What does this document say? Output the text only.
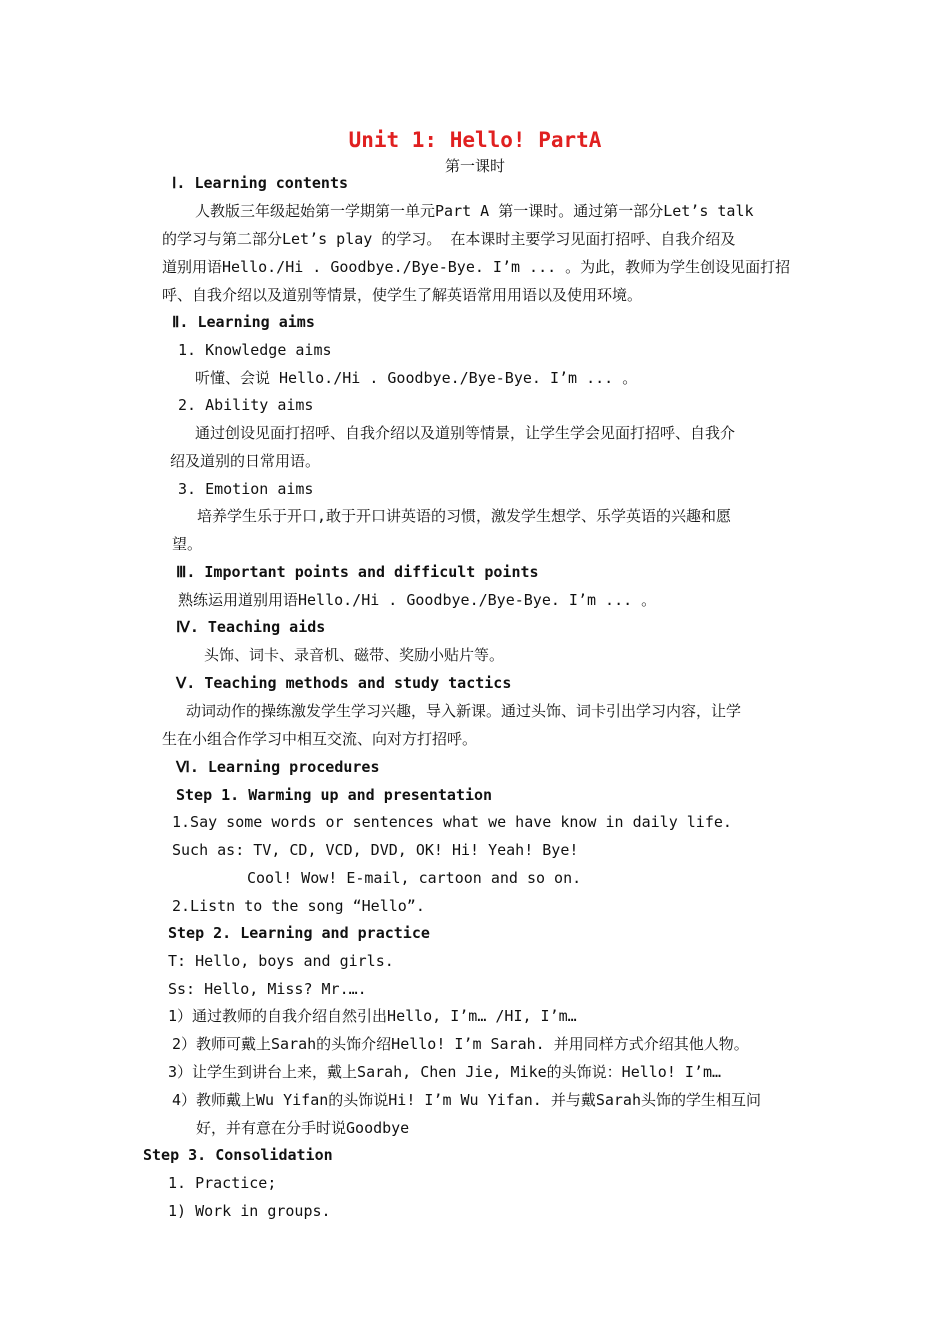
Unit 1: Hello! PartA
第一课时
Ⅰ. Learning contents
人教版三年级起始第一学期第一单元Part A 第一课时。通过第一部分Let’s talk
的学习与第二部分Let’s play 的学习。 在本课时主要学习见面打招呼、自我介绍及
道别用语Hello./Hi . Goodbye./Bye-Bye. I’m ... 。为此，教师为学生创设见面打招
呼、自我介绍以及道别等情景，使学生了解英语常用用语以及使用环境。
Ⅱ. Learning aims
1. Knowledge aims
听懂、会说 Hello./Hi . Goodbye./Bye-Bye. I’m ... 。
2. Ability aims
通过创设见面打招呼、自我介绍以及道别等情景，让学生学会见面打招呼、自我介
绍及道别的日常用语。
3. Emotion aims
培养学生乐于开口,敢于开口讲英语的习惯，激发学生想学、乐学英语的兴趣和愿
望。
Ⅲ. Important points and difficult points
熟练运用道别用语Hello./Hi . Goodbye./Bye-Bye. I’m ... 。
Ⅳ. Teaching aids
头饰、词卡、录音机、磁带、奖励小贴片等。
Ⅴ. Teaching methods and study tactics
动词动作的操练激发学生学习兴趣，导入新课。通过头饰、词卡引出学习内容，让学
生在小组合作学习中相互交流、向对方打招呼。
Ⅵ. Learning procedures
Step 1. Warming up and presentation
1.Say some words or sentences what we have know in daily life.
Such as: TV, CD, VCD, DVD, OK! Hi! Yeah! Bye!
Cool! Wow! E-mail, cartoon and so on.
2.Listn to the song “Hello”.
Step 2. Learning and practice
T: Hello, boys and girls.
Ss: Hello, Miss? Mr.….
1）通过教师的自我介绍自然引出Hello, I’m… /HI, I’m…
2）教师可戴上Sarah的头饰介绍Hello! I’m Sarah. 并用同样方式介绍其他人物。
3）让学生到讲台上来，戴上Sarah, Chen Jie, Mike的头饰说：Hello! I’m…
4）教师戴上Wu Yifan的头饰说Hi! I’m Wu Yifan. 并与戴Sarah头饰的学生相互问
好，并有意在分手时说Goodbye
Step 3. Consolidation
1. Practice;
1) Work in groups.
